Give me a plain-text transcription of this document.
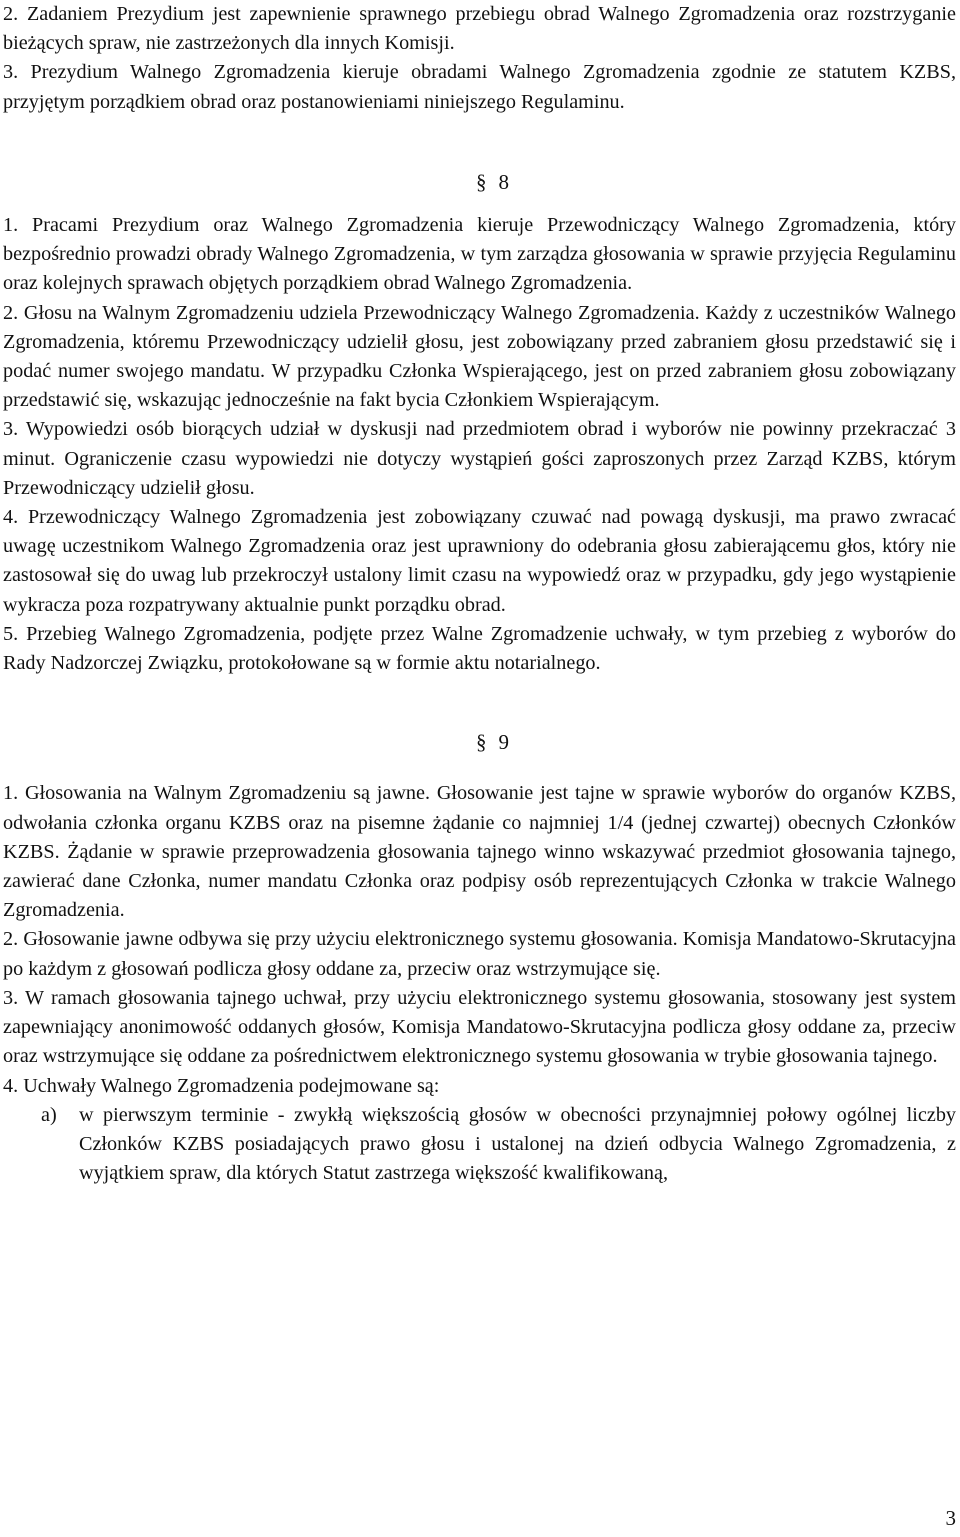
2. Zadaniem Prezydium jest zapewnienie sprawnego przebiegu obrad Walnego Zgromadzenia oraz rozstrzyganie bieżących spraw, nie zastrzeżonych dla innych Komisji.

3. Prezydium Walnego Zgromadzenia kieruje obradami Walnego Zgromadzenia zgodnie ze statutem KZBS, przyjętym porządkiem obrad oraz postanowieniami niniejszego Regulaminu.

§ 8

1. Pracami Prezydium oraz Walnego Zgromadzenia kieruje Przewodniczący Walnego Zgromadzenia, który bezpośrednio prowadzi obrady Walnego Zgromadzenia, w tym zarządza głosowania w sprawie przyjęcia Regulaminu oraz kolejnych sprawach objętych porządkiem obrad Walnego Zgromadzenia.

2. Głosu na Walnym Zgromadzeniu udziela Przewodniczący Walnego Zgromadzenia. Każdy z uczestników Walnego Zgromadzenia, któremu Przewodniczący udzielił głosu, jest zobowiązany przed zabraniem głosu przedstawić się i podać numer swojego mandatu. W przypadku Członka Wspierającego, jest on przed zabraniem głosu zobowiązany przedstawić się, wskazując jednocześnie na fakt bycia Członkiem Wspierającym.

3. Wypowiedzi osób biorących udział w dyskusji nad przedmiotem obrad i wyborów nie powinny przekraczać 3 minut. Ograniczenie czasu wypowiedzi nie dotyczy wystąpień gości zaproszonych przez Zarząd KZBS, którym Przewodniczący udzielił głosu.

4. Przewodniczący Walnego Zgromadzenia jest zobowiązany czuwać nad powagą dyskusji, ma prawo zwracać uwagę uczestnikom Walnego Zgromadzenia oraz jest uprawniony do odebrania głosu zabierającemu głos, który nie zastosował się do uwag lub przekroczył ustalony limit czasu na wypowiedź oraz w przypadku, gdy jego wystąpienie wykracza poza rozpatrywany aktualnie punkt porządku obrad.

5. Przebieg Walnego Zgromadzenia, podjęte przez Walne Zgromadzenie uchwały, w tym przebieg z wyborów do Rady Nadzorczej Związku, protokołowane są w formie aktu notarialnego.

§ 9

1. Głosowania na Walnym Zgromadzeniu są jawne. Głosowanie jest tajne w sprawie wyborów do organów KZBS, odwołania członka organu KZBS oraz na pisemne żądanie co najmniej 1/4 (jednej czwartej) obecnych Członków KZBS. Żądanie w sprawie przeprowadzenia głosowania tajnego winno wskazywać przedmiot głosowania tajnego, zawierać dane Członka, numer mandatu Członka oraz podpisy osób reprezentujących Członka w trakcie Walnego Zgromadzenia.

2. Głosowanie jawne odbywa się przy użyciu elektronicznego systemu głosowania. Komisja Mandatowo-Skrutacyjna po każdym z głosowań podlicza głosy oddane za, przeciw oraz wstrzymujące się.

3. W ramach głosowania tajnego uchwał, przy użyciu elektronicznego systemu głosowania, stosowany jest system zapewniający anonimowość oddanych głosów, Komisja Mandatowo-Skrutacyjna podlicza głosy oddane za, przeciw oraz wstrzymujące się oddane za pośrednictwem elektronicznego systemu głosowania w trybie głosowania tajnego.

4. Uchwały Walnego Zgromadzenia podejmowane są:

a)	w pierwszym terminie - zwykłą większością głosów w obecności przynajmniej połowy ogólnej liczby Członków KZBS posiadających prawo głosu i ustalonej na dzień odbycia Walnego Zgromadzenia, z wyjątkiem spraw, dla których Statut zastrzega większość kwalifikowaną,
3
